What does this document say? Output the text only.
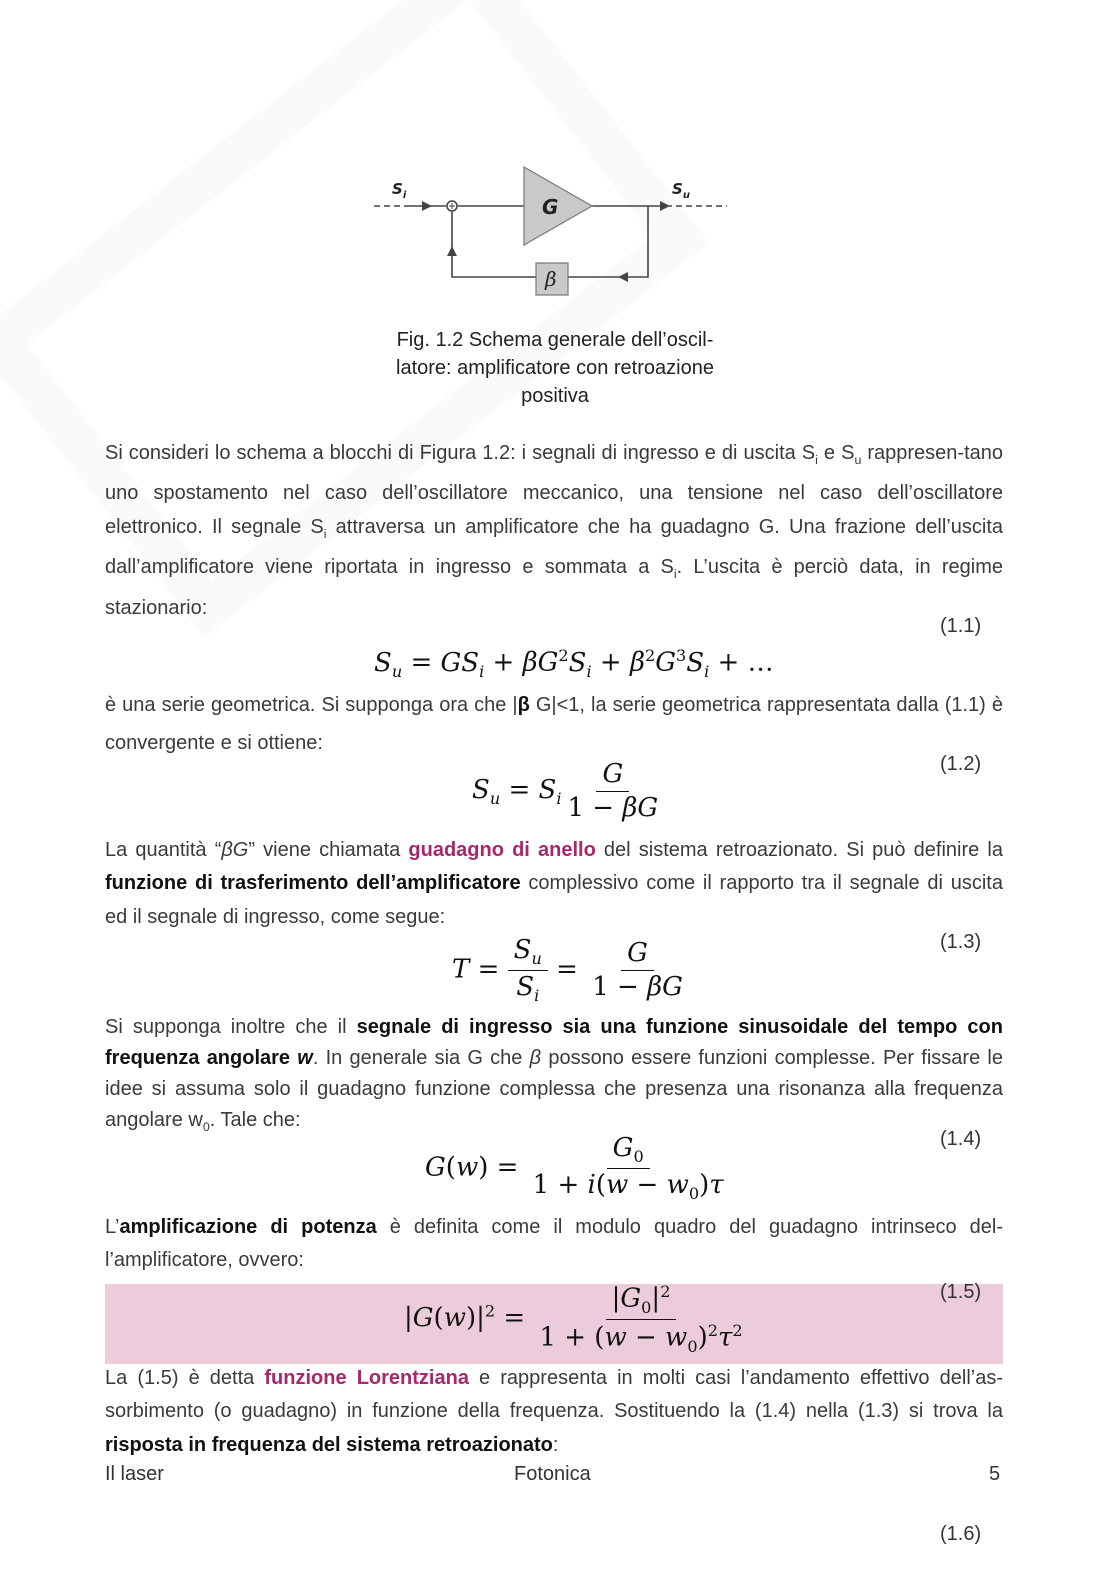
G
β
$S_i$	$S_u$
Fig. 1.2 Schema generale dell’oscil-
latore: amplificatore con retroazione
positiva

Si consideri lo schema a blocchi di Figura 1.2: i segnali di ingresso e di uscita $S_i$ e $S_u$ rappresen-tano uno spostamento nel caso dell’oscillatore meccanico, una tensione nel caso dell’oscillatore elettronico. Il segnale $S_i$ attraversa un amplificatore che ha guadagno G. Una frazione dell’uscita dall’amplificatore viene riportata in ingresso e sommata a $S_i$. L’uscita è perciò data, in regime stazionario:

(1.1)
$S_u = GS_i + \beta G^2S_i + \beta^2G^3S_i$ + …

è una serie geometrica. Si supponga ora che |β G|<1, la serie geometrica rappresentata dalla (1.1) è convergente e si ottiene:

(1.2)
$S_u = S_i \frac{G}{1 - \beta G}$

La quantità “βG” viene chiamata guadagno di anello del sistema retroazionato. Si può definire la funzione di trasferimento dell’amplificatore complessivo come il rapporto tra il segnale di uscita ed il segnale di ingresso, come segue:

(1.3)
$T = \frac{S_u}{S_i} = \frac{G}{1 - \beta G}$

Si supponga inoltre che il segnale di ingresso sia una funzione sinusoidale del tempo con frequenza angolare w. In generale sia G che β possono essere funzioni complesse. Per fissare le idee si assuma solo il guadagno funzione complessa che presenza una risonanza alla frequenza angolare $w_0$. Tale che:

(1.4)
$G(w) = \frac{G_0}{1 + i(w - w_0)\tau}$

L’amplificazione di potenza è definita come il modulo quadro del guadagno intrinseco del-l’amplificatore, ovvero:

(1.5)
$|G(w)|^2 = \frac{|G_0|^2}{1 + (w - w_0)^2\tau^2}$

La (1.5) è detta funzione Lorentziana e rappresenta in molti casi l’andamento effettivo dell’as-sorbimento (o guadagno) in funzione della frequenza. Sostituendo la (1.4) nella (1.3) si trova la risposta in frequenza del sistema retroazionato:

Il laser	Fotonica	5
(1.6)
